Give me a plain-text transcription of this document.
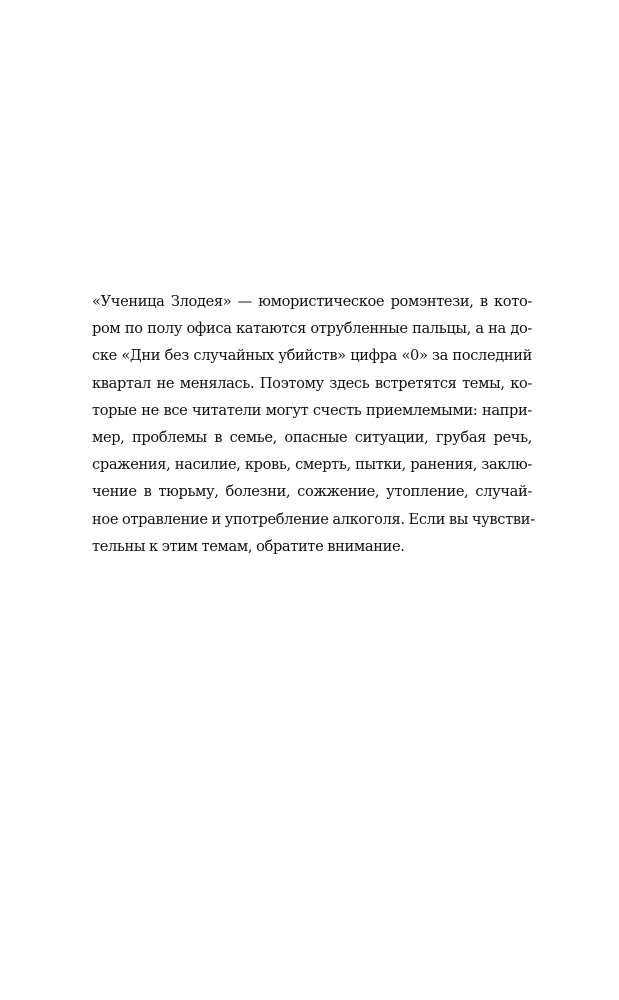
«Ученица Злодея» — юмористическое ромэнтези, в кото-
ром по полу офиса катаются отрубленные пальцы, а на до-
ске «Дни без случайных убийств» цифра «0» за последний
квартал не менялась. Поэтому здесь встретятся темы, ко-
торые не все читатели могут счесть приемлемыми: напри-
мер, проблемы в семье, опасные ситуации, грубая речь,
сражения, насилие, кровь, смерть, пытки, ранения, заклю-
чение в тюрьму, болезни, сожжение, утопление, случай-
ное отравление и употребление алкоголя. Если вы чувстви-
тельны к этим темам, обратите внимание.
